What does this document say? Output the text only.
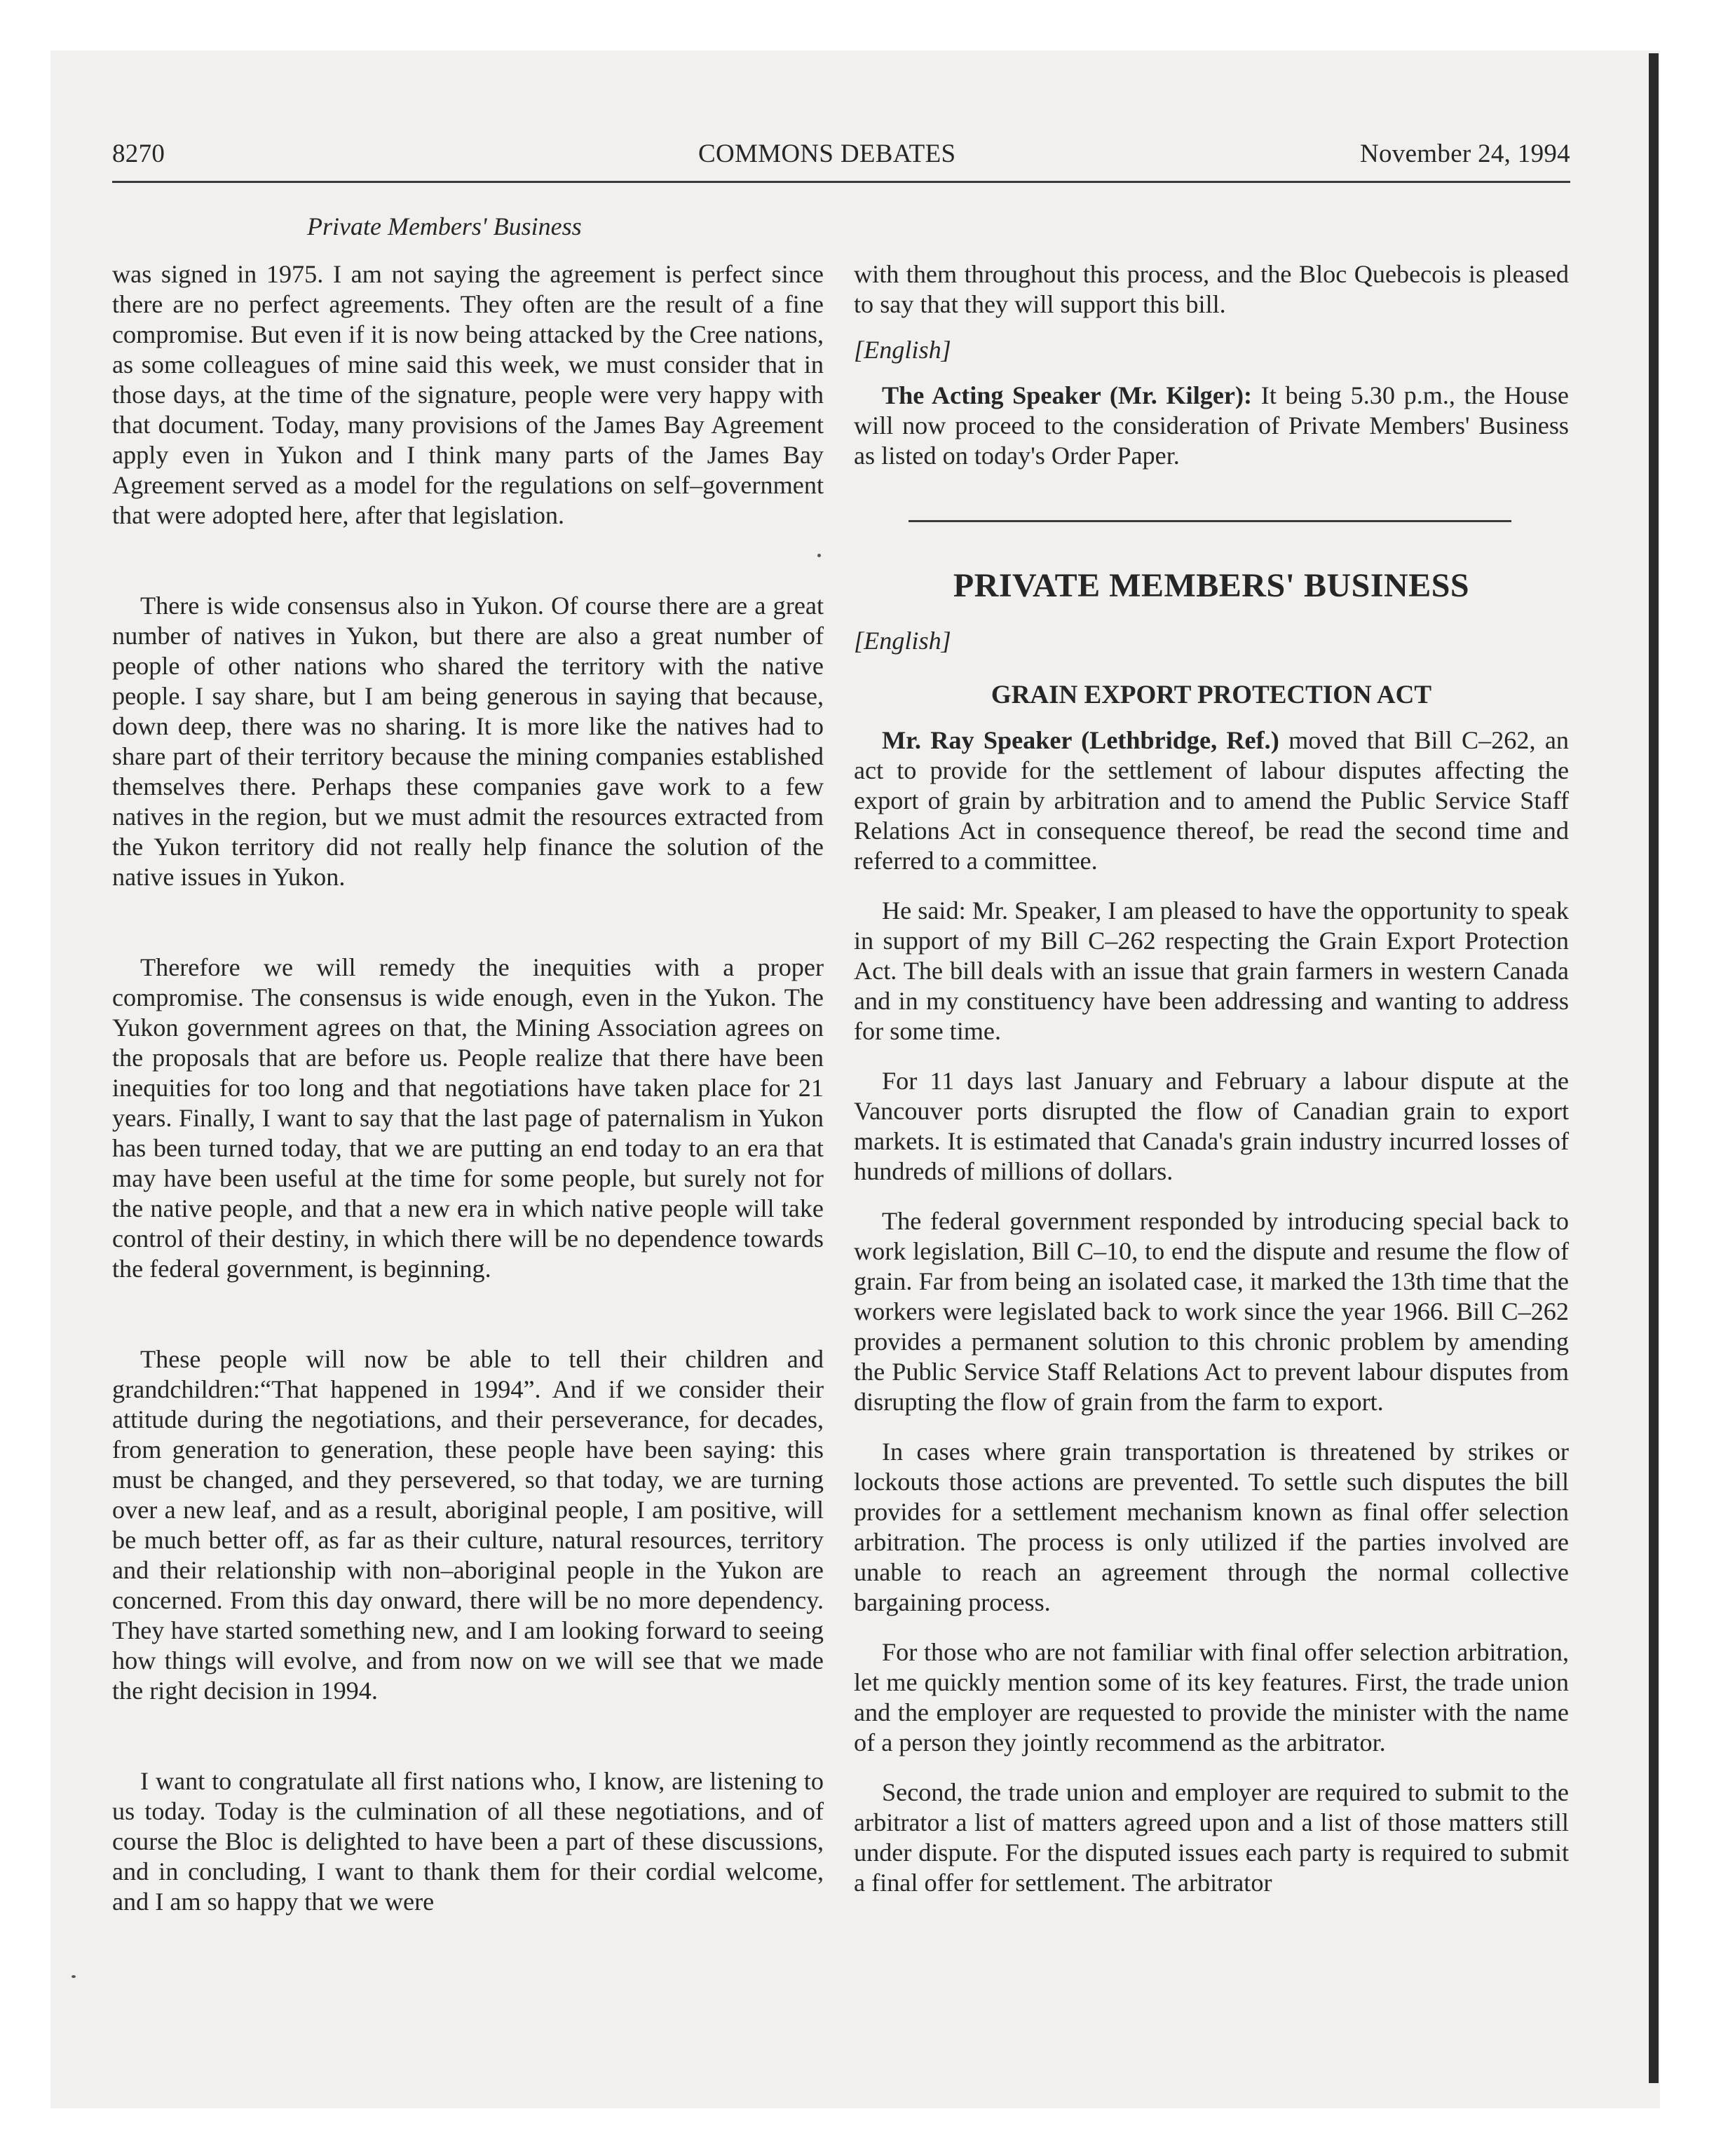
8270	COMMONS DEBATES	November 24, 1994
Private Members' Business

was signed in 1975. I am not saying the agreement is perfect since there are no perfect agreements. They often are the result of a fine compromise. But even if it is now being attacked by the Cree nations, as some colleagues of mine said this week, we must consider that in those days, at the time of the signature, people were very happy with that document. Today, many provisions of the James Bay Agreement apply even in Yukon and I think many parts of the James Bay Agreement served as a model for the regulations on self–government that were adopted here, after that legislation.

There is wide consensus also in Yukon. Of course there are a great number of natives in Yukon, but there are also a great number of people of other nations who shared the territory with the native people. I say share, but I am being generous in saying that because, down deep, there was no sharing. It is more like the natives had to share part of their territory because the mining companies established themselves there. Perhaps these companies gave work to a few natives in the region, but we must admit the resources extracted from the Yukon territory did not really help finance the solution of the native issues in Yukon.

Therefore we will remedy the inequities with a proper compromise. The consensus is wide enough, even in the Yukon. The Yukon government agrees on that, the Mining Association agrees on the proposals that are before us. People realize that there have been inequities for too long and that negotiations have taken place for 21 years. Finally, I want to say that the last page of paternalism in Yukon has been turned today, that we are putting an end today to an era that may have been useful at the time for some people, but surely not for the native people, and that a new era in which native people will take control of their destiny, in which there will be no dependence towards the federal government, is beginning.

These people will now be able to tell their children and grandchildren:“That happened in 1994”. And if we consider their attitude during the negotiations, and their perseverance, for decades, from generation to generation, these people have been saying: this must be changed, and they persevered, so that today, we are turning over a new leaf, and as a result, aboriginal people, I am positive, will be much better off, as far as their culture, natural resources, territory and their relationship with non–aboriginal people in the Yukon are concerned. From this day onward, there will be no more dependency. They have started something new, and I am looking forward to seeing how things will evolve, and from now on we will see that we made the right decision in 1994.

I want to congratulate all first nations who, I know, are listening to us today. Today is the culmination of all these negotiations, and of course the Bloc is delighted to have been a part of these discussions, and in concluding, I want to thank them for their cordial welcome, and I am so happy that we were

with them throughout this process, and the Bloc Quebecois is pleased to say that they will support this bill.

[English]

The Acting Speaker (Mr. Kilger): It being 5.30 p.m., the House will now proceed to the consideration of Private Members' Business as listed on today's Order Paper.

PRIVATE MEMBERS' BUSINESS

[English]

GRAIN EXPORT PROTECTION ACT

Mr. Ray Speaker (Lethbridge, Ref.) moved that Bill C–262, an act to provide for the settlement of labour disputes affecting the export of grain by arbitration and to amend the Public Service Staff Relations Act in consequence thereof, be read the second time and referred to a committee.

He said: Mr. Speaker, I am pleased to have the opportunity to speak in support of my Bill C–262 respecting the Grain Export Protection Act. The bill deals with an issue that grain farmers in western Canada and in my constituency have been addressing and wanting to address for some time.

For 11 days last January and February a labour dispute at the Vancouver ports disrupted the flow of Canadian grain to export markets. It is estimated that Canada's grain industry incurred losses of hundreds of millions of dollars.

The federal government responded by introducing special back to work legislation, Bill C–10, to end the dispute and resume the flow of grain. Far from being an isolated case, it marked the 13th time that the workers were legislated back to work since the year 1966. Bill C–262 provides a permanent solution to this chronic problem by amending the Public Service Staff Relations Act to prevent labour disputes from disrupting the flow of grain from the farm to export.

In cases where grain transportation is threatened by strikes or lockouts those actions are prevented. To settle such disputes the bill provides for a settlement mechanism known as final offer selection arbitration. The process is only utilized if the parties involved are unable to reach an agreement through the normal collective bargaining process.

For those who are not familiar with final offer selection arbitration, let me quickly mention some of its key features. First, the trade union and the employer are requested to provide the minister with the name of a person they jointly recommend as the arbitrator.

Second, the trade union and employer are required to submit to the arbitrator a list of matters agreed upon and a list of those matters still under dispute. For the disputed issues each party is required to submit a final offer for settlement. The arbitrator
